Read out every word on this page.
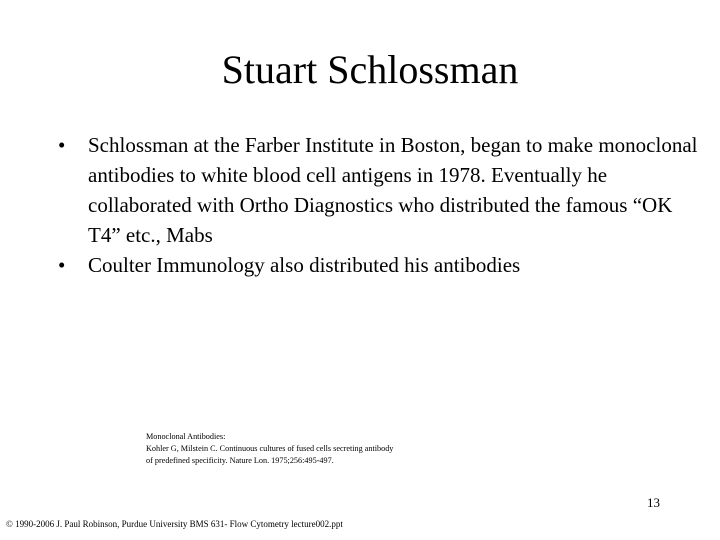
Stuart Schlossman
•	Schlossman at the Farber Institute in Boston, began to make monoclonal antibodies to white blood cell antigens in 1978. Eventually he collaborated with Ortho Diagnostics who distributed the famous “OK T4” etc., Mabs
•	Coulter Immunology also distributed his antibodies
Monoclonal Antibodies:
Kohler G, Milstein C. Continuous cultures of fused cells secreting antibody
of predefined specificity. Nature Lon. 1975;256:495-497.
13
© 1990-2006 J. Paul Robinson, Purdue University BMS 631- Flow Cytometry lecture002.ppt
